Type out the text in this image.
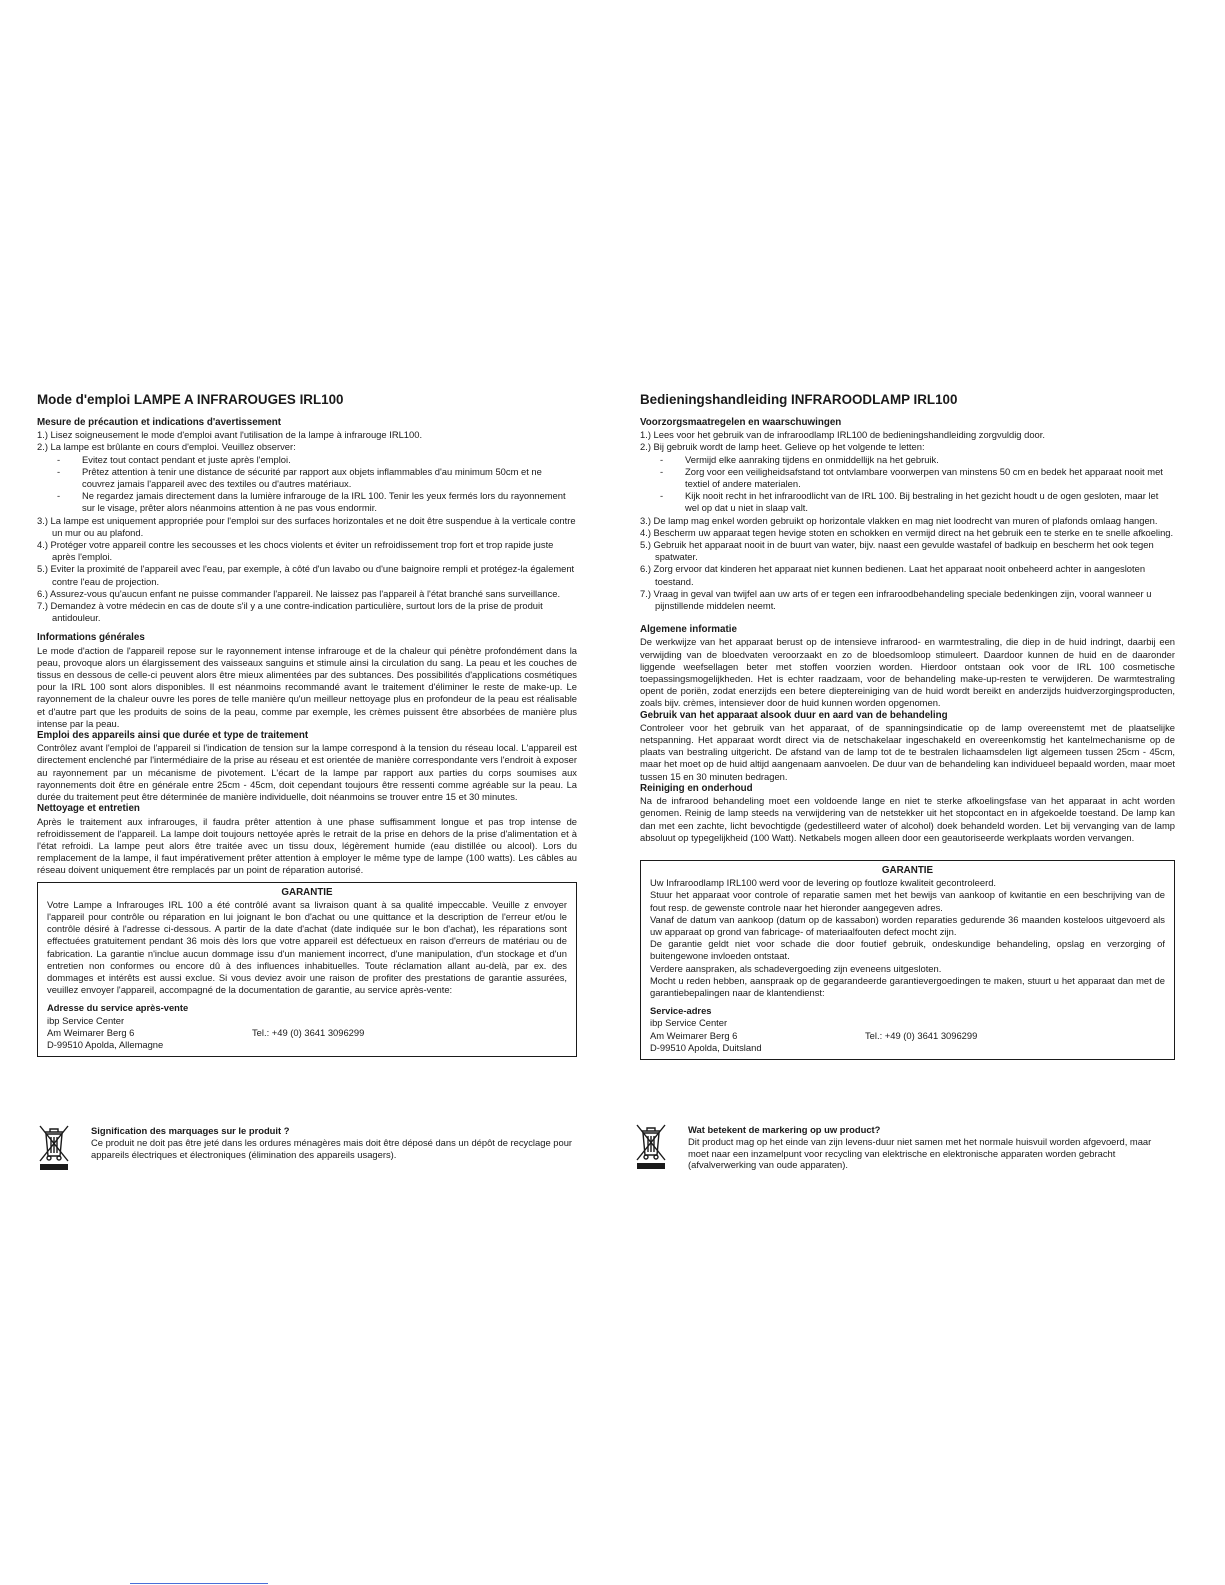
Mode d'emploi LAMPE A INFRAROUGES IRL100
Mesure de précaution et indications d'avertissement
1.) Lisez soigneusement le mode d'emploi avant l'utilisation de la lampe à infrarouge IRL100.
2.) La lampe est brûlante en cours d'emploi. Veuillez observer:
- Evitez tout contact pendant et juste après l'emploi.
- Prêtez attention à tenir une distance de sécurité par rapport aux objets inflammables d'au minimum 50cm et ne couvrez jamais l'appareil avec des textiles ou d'autres matériaux.
- Ne regardez jamais directement dans la lumière infrarouge de la IRL 100. Tenir les yeux fermés lors du rayonnement sur le visage, prêter alors néanmoins attention à ne pas vous endormir.
3.) La lampe est uniquement appropriée pour l'emploi sur des surfaces horizontales et ne doit être suspendue à la verticale contre un mur ou au plafond.
4.) Protéger votre appareil contre les secousses et les chocs violents et éviter un refroidissement trop fort et trop rapide juste après l'emploi.
5.) Eviter la proximité de l'appareil avec l'eau, par exemple, à côté d'un lavabo ou d'une baignoire rempli et protégez-la également contre l'eau de projection.
6.) Assurez-vous qu'aucun enfant ne puisse commander l'appareil. Ne laissez pas l'appareil à l'état branché sans surveillance.
7.) Demandez à votre médecin en cas de doute s'il y a une contre-indication particulière, surtout lors de la prise de produit antidouleur.
Informations générales

Le mode d'action de l'appareil repose sur le rayonnement intense infrarouge et de la chaleur qui pénètre profondément dans la peau, provoque alors un élargissement des vaisseaux sanguins et stimule ainsi la circulation du sang. La peau et les couches de tissus en dessous de celle-ci peuvent alors être mieux alimentées par des subtances. Des possibilités d'applications cosmétiques pour la IRL 100 sont alors disponibles. Il est néanmoins recommandé avant le traitement d'éliminer le reste de make-up. Le rayonnement de la chaleur ouvre les pores de telle manière qu'un meilleur nettoyage plus en profondeur de la peau est réalisable et d'autre part que les produits de soins de la peau, comme par exemple, les crèmes puissent être absorbées de manière plus intense par la peau.

Emploi des appareils ainsi que durée et type de traitement

Contrôlez avant l'emploi de l'appareil si l'indication de tension sur la lampe correspond à la tension du réseau local. L'appareil est directement enclenché par l'intermédiaire de la prise au réseau et est orientée de manière correspondante vers l'endroit à exposer au rayonnement par un mécanisme de pivotement. L'écart de la lampe par rapport aux parties du corps soumises aux rayonnements doit être en générale entre 25cm - 45cm, doit cependant toujours être ressenti comme agréable sur la peau. La durée du traitement peut être déterminée de manière individuelle, doit néanmoins se trouver entre 15 et 30 minutes.

Nettoyage et entretien

Après le traitement aux infrarouges, il faudra prêter attention à une phase suffisamment longue et pas trop intense de refroidissement de l'appareil. La lampe doit toujours nettoyée après le retrait de la prise en dehors de la prise d'alimentation et à l'état refroidi. La lampe peut alors être traitée avec un tissu doux, légèrement humide (eau distillée ou alcool). Lors du remplacement de la lampe, il faut impérativement prêter attention à employer le même type de lampe (100 watts). Les câbles au réseau doivent uniquement être remplacés par un point de réparation autorisé.

GARANTIE

Votre Lampe a Infrarouges IRL 100 a été contrôlé avant sa livraison quant à sa qualité impeccable. Veuille z envoyer l'appareil pour contrôle ou réparation en lui joignant le bon d'achat ou une quittance et la description de l'erreur et/ou le contrôle désiré à l'adresse ci-dessous. A partir de la date d'achat (date indiquée sur le bon d'achat), les réparations sont effectuées gratuitement pendant 36 mois dès lors que votre appareil est défectueux en raison d'erreurs de matériau ou de fabrication. La garantie n'inclue aucun dommage issu d'un maniement incorrect, d'une manipulation, d'un stockage et d'un entretien non conformes ou encore dû à des influences inhabituelles. Toute réclamation allant au-delà, par ex. des dommages et intérêts est aussi exclue. Si vous deviez avoir une raison de profiter des prestations de garantie assurées, veuillez envoyer l'appareil, accompagné de la documentation de garantie, au service après-vente:

Adresse du service après-vente
ibp Service Center
Am Weimarer Berg 6	Tel.: +49 (0) 3641 3096299
D-99510 Apolda, Allemagne
Signification des marquages sur le produit ?
Ce produit ne doit pas être jeté dans les ordures ménagères mais doit être déposé dans un dépôt de recyclage pour appareils électriques et électroniques (élimination des appareils usagers).
Bedieningshandleiding INFRAROODLAMP IRL100
Voorzorgsmaatregelen en waarschuwingen
1.) Lees voor het gebruik van de infraroodlamp IRL100 de bedieningshandleiding zorgvuldig door.
2.) Bij gebruik wordt de lamp heet. Gelieve op het volgende te letten:
- Vermijd elke aanraking tijdens en onmiddellijk na het gebruik.
- Zorg voor een veiligheidsafstand tot ontvlambare voorwerpen van minstens 50 cm en bedek het apparaat nooit met textiel of andere materialen.
- Kijk nooit recht in het infraroodlicht van de IRL 100. Bij bestraling in het gezicht houdt u de ogen gesloten, maar let wel op dat u niet in slaap valt.
3.) De lamp mag enkel worden gebruikt op horizontale vlakken en mag niet loodrecht van muren of plafonds omlaag hangen.
4.) Bescherm uw apparaat tegen hevige stoten en schokken en vermijd direct na het gebruik een te sterke en te snelle afkoeling.
5.) Gebruik het apparaat nooit in de buurt van water, bijv. naast een gevulde wastafel of badkuip en bescherm het ook tegen spatwater.
6.) Zorg ervoor dat kinderen het apparaat niet kunnen bedienen. Laat het apparaat nooit onbeheerd achter in aangesloten toestand.
7.) Vraag in geval van twijfel aan uw arts of er tegen een infraroodbehandeling speciale bedenkingen zijn, vooral wanneer u pijnstillende middelen neemt.
Algemene informatie

De werkwijze van het apparaat berust op de intensieve infrarood- en warmtestraling, die diep in de huid indringt, daarbij een verwijding van de bloedvaten veroorzaakt en zo de bloedsomloop stimuleert. Daardoor kunnen de huid en de daaronder liggende weefsellagen beter met stoffen voorzien worden. Hierdoor ontstaan ook voor de IRL 100 cosmetische toepassingsmogelijkheden. Het is echter raadzaam, voor de behandeling make-up-resten te verwijderen. De warmtestraling opent de poriën, zodat enerzijds een betere dieptereiniging van de huid wordt bereikt en anderzijds huidverzorgingsproducten, zoals bijv. crèmes, intensiever door de huid kunnen worden opgenomen.

Gebruik van het apparaat alsook duur en aard van de behandeling

Controleer voor het gebruik van het apparaat, of de spanningsindicatie op de lamp overeenstemt met de plaatselijke netspanning. Het apparaat wordt direct via de netschakelaar ingeschakeld en overeenkomstig het kantelmechanisme op de plaats van bestraling uitgericht. De afstand van de lamp tot de te bestralen lichaamsdelen ligt algemeen tussen 25cm - 45cm, maar het moet op de huid altijd aangenaam aanvoelen. De duur van de behandeling kan individueel bepaald worden, maar moet tussen 15 en 30 minuten bedragen.

Reiniging en onderhoud

Na de infrarood behandeling moet een voldoende lange en niet te sterke afkoelingsfase van het apparaat in acht worden genomen. Reinig de lamp steeds na verwijdering van de netstekker uit het stopcontact en in afgekoelde toestand. De lamp kan dan met een zachte, licht bevochtigde (gedestilleerd water of alcohol) doek behandeld worden. Let bij vervanging van de lamp absoluut op typegelijkheid (100 Watt). Netkabels mogen alleen door een geautoriseerde werkplaats worden vervangen.

GARANTIE

Uw Infraroodlamp IRL100 werd voor de levering op foutloze kwaliteit gecontroleerd.

Stuur het apparaat voor controle of reparatie samen met het bewijs van aankoop of kwitantie en een beschrijving van de fout resp. de gewenste controle naar het hieronder aangegeven adres.

Vanaf de datum van aankoop (datum op de kassabon) worden reparaties gedurende 36 maanden kosteloos uitgevoerd als uw apparaat op grond van fabricage- of materiaalfouten defect mocht zijn.

De garantie geldt niet voor schade die door foutief gebruik, ondeskundige behandeling, opslag en verzorging of buitengewone invloeden ontstaat.

Verdere aanspraken, als schadevergoeding zijn eveneens uitgesloten.

Mocht u reden hebben, aanspraak op de gegarandeerde garantievergoedingen te maken, stuurt u het apparaat dan met de garantiebepalingen naar de klantendienst:

Service-adres
ibp Service Center
Am Weimarer Berg 6	Tel.: +49 (0) 3641 3096299
D-99510 Apolda, Duitsland
Wat betekent de markering op uw product?
Dit product mag op het einde van zijn levens-duur niet samen met het normale huisvuil worden afgevoerd, maar moet naar een inzamelpunt voor recycling van elektrische en elektronische apparaten worden gebracht (afvalverwerking van oude apparaten).
